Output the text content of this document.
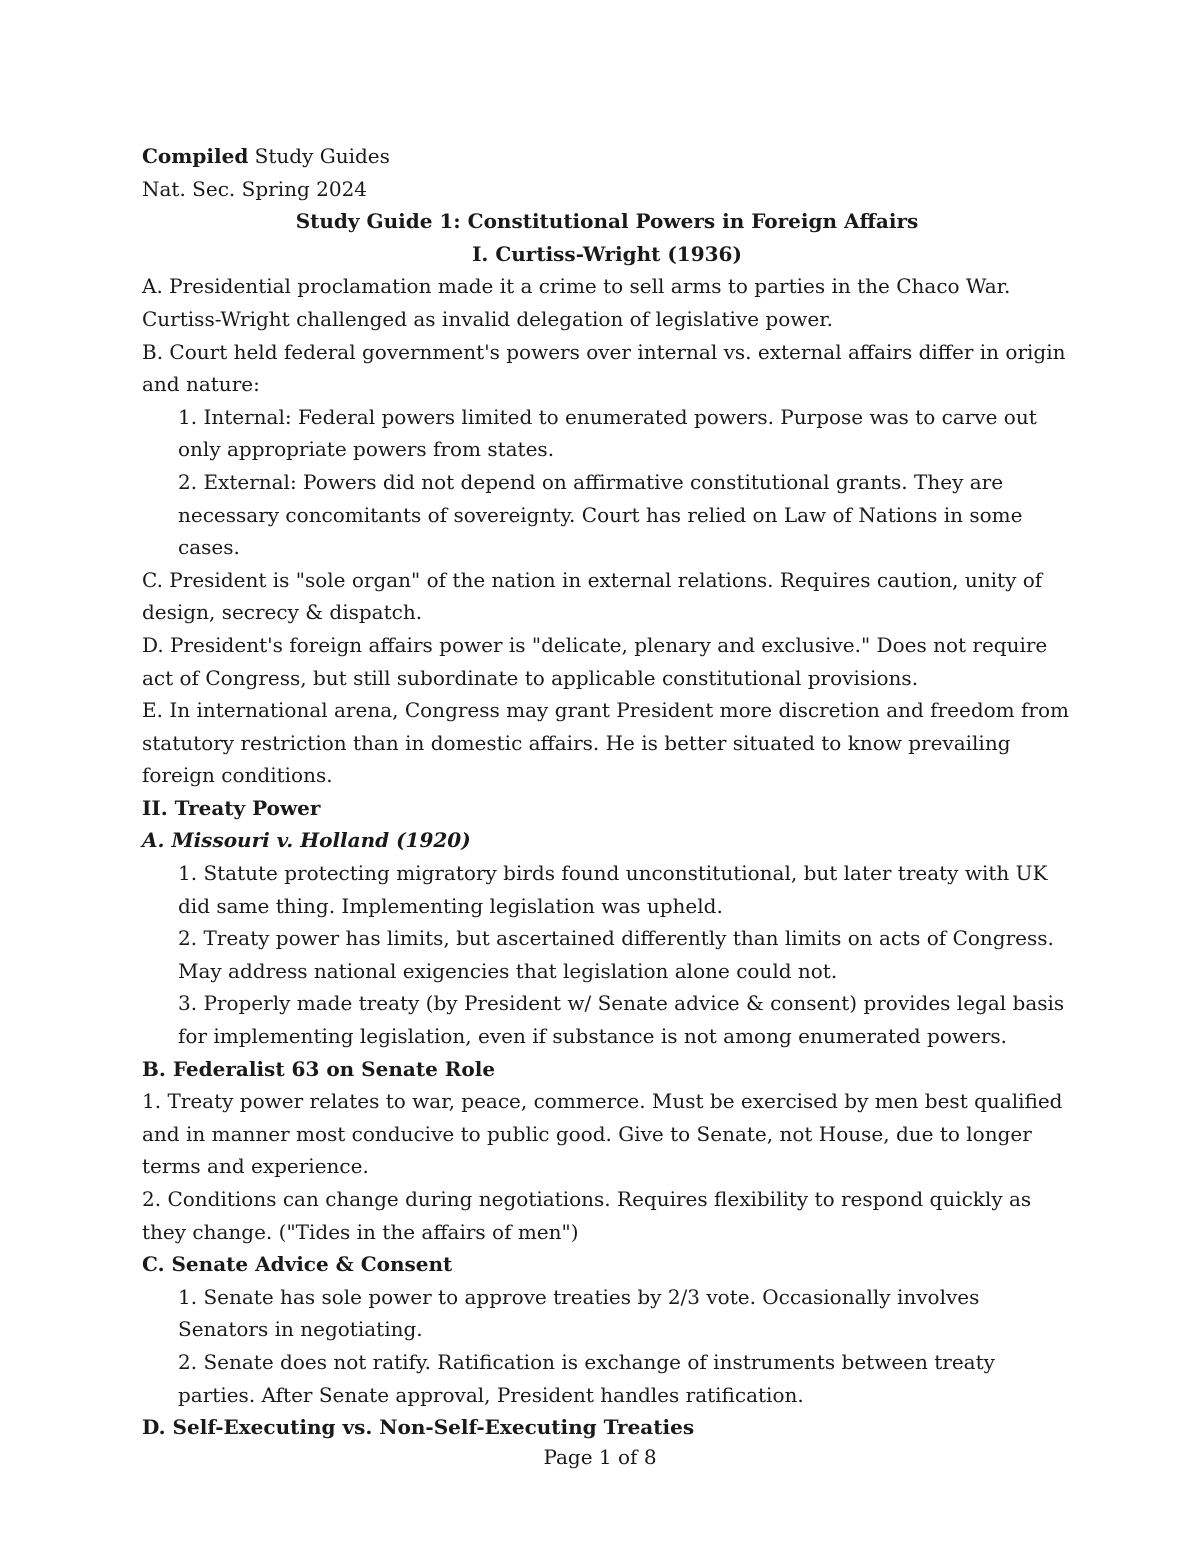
Compiled Study Guides

Nat. Sec. Spring 2024

Study Guide 1: Constitutional Powers in Foreign Affairs

I. Curtiss-Wright (1936)

A. Presidential proclamation made it a crime to sell arms to parties in the Chaco War. Curtiss-Wright challenged as invalid delegation of legislative power.

B. Court held federal government's powers over internal vs. external affairs differ in origin and nature:

1. Internal: Federal powers limited to enumerated powers. Purpose was to carve out only appropriate powers from states.

2. External: Powers did not depend on affirmative constitutional grants. They are necessary concomitants of sovereignty. Court has relied on Law of Nations in some cases.

C. President is "sole organ" of the nation in external relations. Requires caution, unity of design, secrecy & dispatch.

D. President's foreign affairs power is "delicate, plenary and exclusive." Does not require act of Congress, but still subordinate to applicable constitutional provisions.

E. In international arena, Congress may grant President more discretion and freedom from statutory restriction than in domestic affairs. He is better situated to know prevailing foreign conditions.

II. Treaty Power

A. Missouri v. Holland (1920)

1. Statute protecting migratory birds found unconstitutional, but later treaty with UK did same thing. Implementing legislation was upheld.

2. Treaty power has limits, but ascertained differently than limits on acts of Congress. May address national exigencies that legislation alone could not.

3. Properly made treaty (by President w/ Senate advice & consent) provides legal basis for implementing legislation, even if substance is not among enumerated powers.

B. Federalist 63 on Senate Role

1. Treaty power relates to war, peace, commerce. Must be exercised by men best qualified and in manner most conducive to public good. Give to Senate, not House, due to longer terms and experience.

2. Conditions can change during negotiations. Requires flexibility to respond quickly as they change. ("Tides in the affairs of men")

C. Senate Advice & Consent

1. Senate has sole power to approve treaties by 2/3 vote. Occasionally involves Senators in negotiating.

2. Senate does not ratify. Ratification is exchange of instruments between treaty parties. After Senate approval, President handles ratification.

D. Self-Executing vs. Non-Self-Executing Treaties

Page 1 of 8
